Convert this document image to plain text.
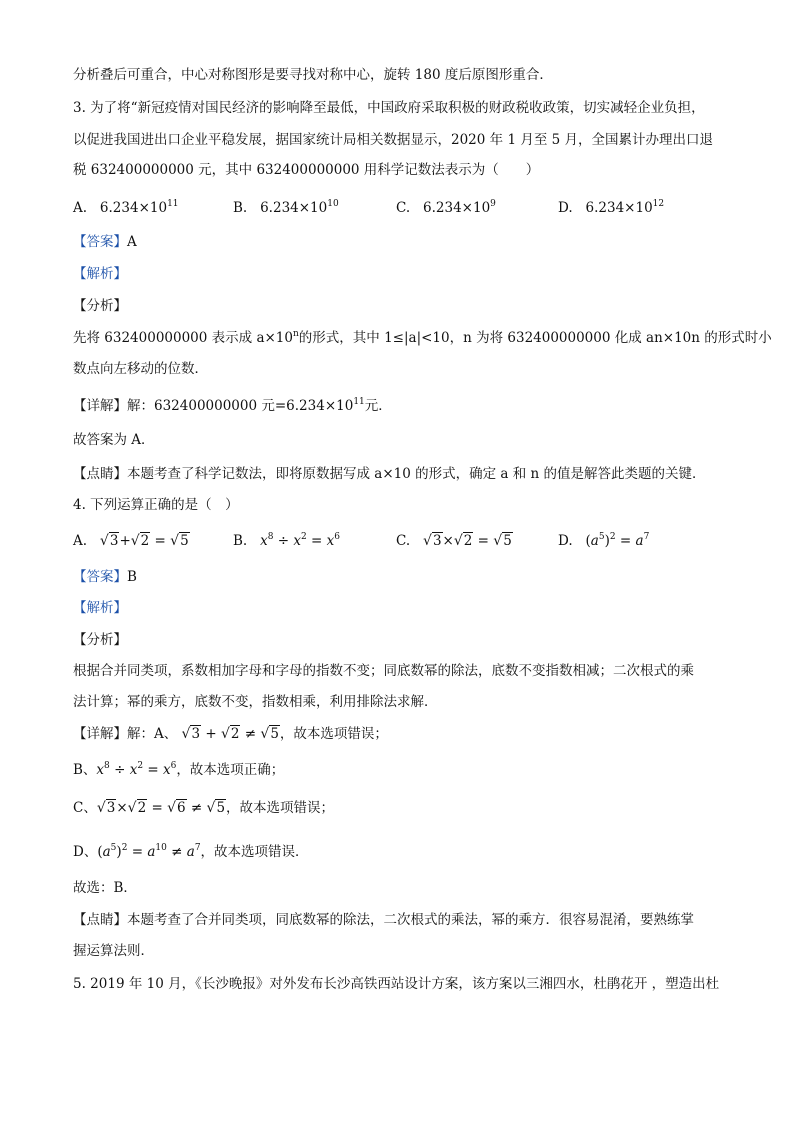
分析叠后可重合，中心对称图形是要寻找对称中心，旋转 180 度后原图形重合．
3. 为了将“新冠疫情对国民经济的影响降至最低，中国政府采取积极的财政税收政策，切实减轻企业负担，
以促进我国进出口企业平稳发展，据国家统计局相关数据显示，2020 年 1 月至 5 月，全国累计办理出口退
税 632400000000 元，其中 632400000000 用科学记数法表示为（　　）
A. $6.234\times 10^{11}$	B. $6.234\times 10^{10}$	C. $6.234\times 10^9$	D. $6.234\times 10^{12}$
【答案】A
【解析】
【分析】
先将 632400000000 表示成 $a\times 10^n$的形式，其中 1≤|a|<10，n 为将 632400000000 化成 an×10n 的形式时小
数点向左移动的位数．
【详解】解：632400000000 元$=6.234\times 10^{11}$元．
故答案为 A．
【点睛】本题考查了科学记数法，即将原数据写成 a×10 的形式，确定 a 和 n 的值是解答此类题的关键．
4. 下列运算正确的是（　）
A. √3+√2 = √5	B. $x^8 \div x^2 = x^6$	C. √3×√2 = √5	D. $(a^5)^2 = a^7$
【答案】B
【解析】
【分析】
根据合并同类项，系数相加字母和字母的指数不变；同底数幂的除法，底数不变指数相减；二次根式的乘
法计算；幂的乘方，底数不变，指数相乘，利用排除法求解．
【详解】解：A、 √3 + √2 ≠ √5，故本选项错误；
B、$x^8 \div x^2 = x^6$，故本选项正确；
C、√3×√2 = √6 ≠ √5，故本选项错误；
D、$(a^5)^2 = a^{10} \ne a^7$，故本选项错误．
故选：B．
【点睛】本题考查了合并同类项，同底数幂的除法，二次根式的乘法，幂的乘方．很容易混淆，要熟练掌
握运算法则．
5. 2019 年 10 月，《长沙晚报》对外发布长沙高铁西站设计方案，该方案以三湘四水，杜鹃花开 ，塑造出杜
